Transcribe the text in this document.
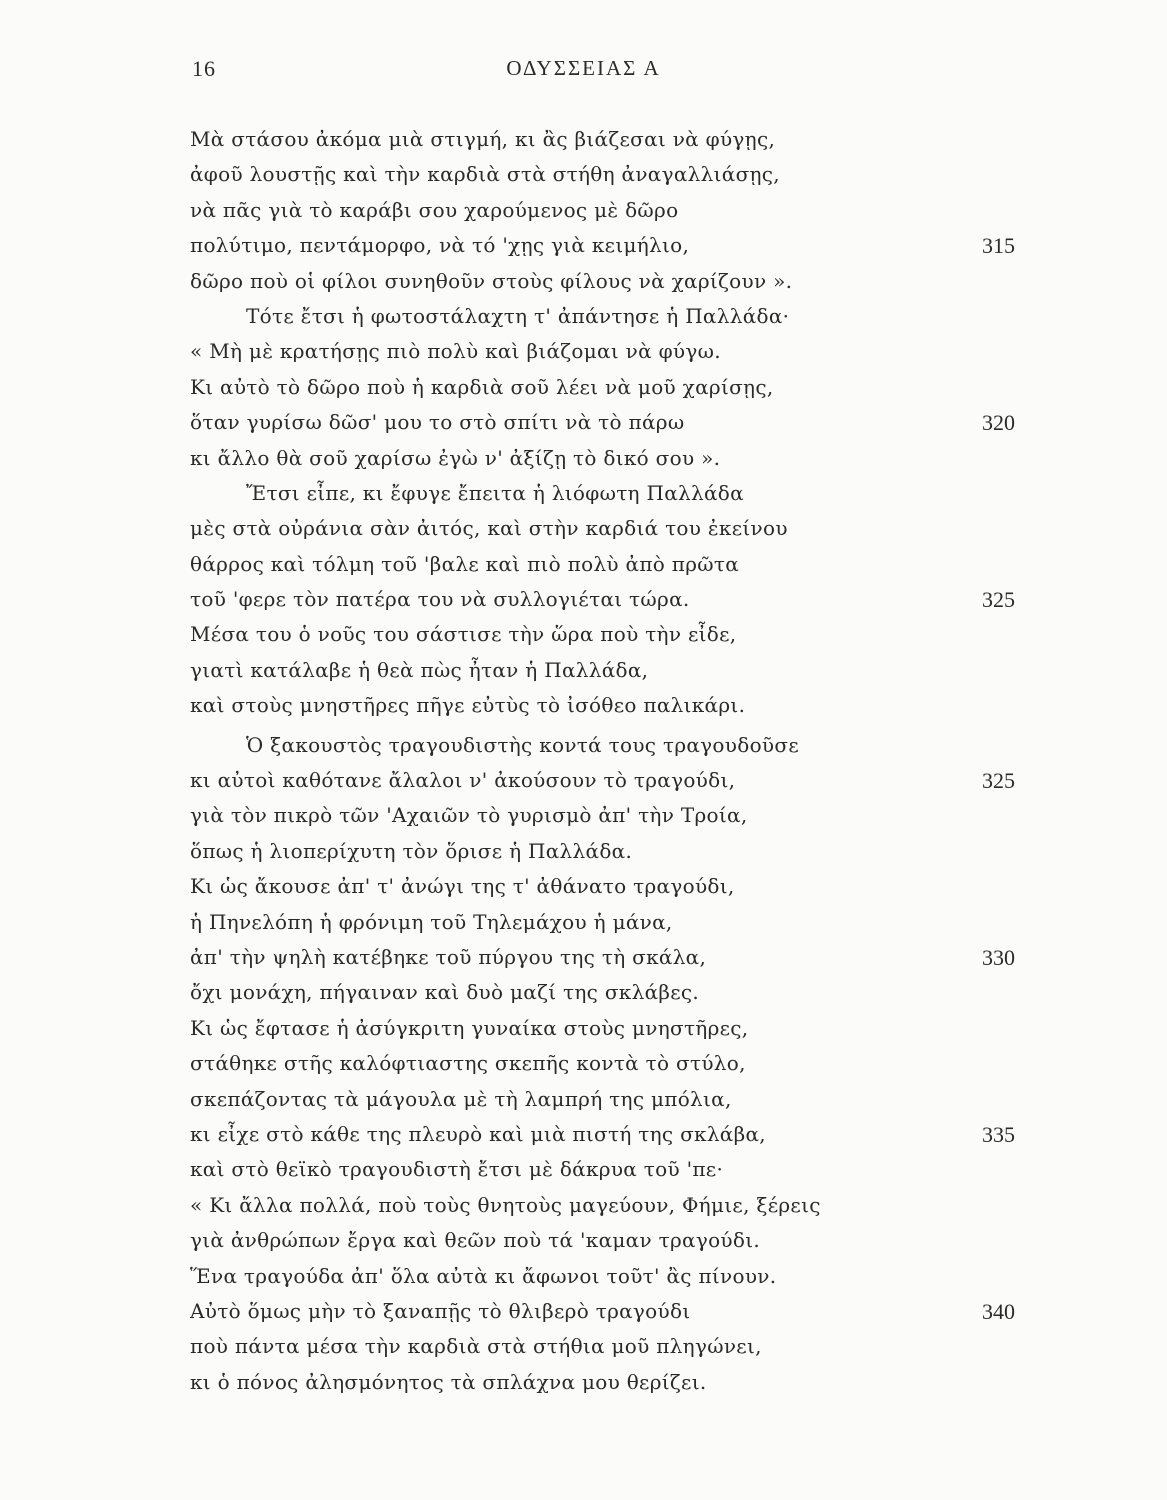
16	ΟΔΥΣΣΕΙΑΣ Α
Μὰ στάσου ἀκόμα μιὰ στιγμή, κι ἂς βιάζεσαι νὰ φύγῃς,
ἀφοῦ λουστῇς καὶ τὴν καρδιὰ στὰ στήθη ἀναγαλλιάσῃς,
νὰ πᾶς γιὰ τὸ καράβι σου χαρούμενος μὲ δῶρο
πολύτιμο, πεντάμορφο, νὰ τό 'χῃς γιὰ κειμήλιο,	315
δῶρο ποὺ οἱ φίλοι συνηθοῦν στοὺς φίλους νὰ χαρίζουν ».
Τότε ἔτσι ἡ φωτοστάλαχτη τ' ἀπάντησε ἡ Παλλάδα·
« Μὴ μὲ κρατήσῃς πιὸ πολὺ καὶ βιάζομαι νὰ φύγω.
Κι αὐτὸ τὸ δῶρο ποὺ ἡ καρδιὰ σοῦ λέει νὰ μοῦ χαρίσῃς,
ὅταν γυρίσω δῶσ' μου το στὸ σπίτι νὰ τὸ πάρω	320
κι ἄλλο θὰ σοῦ χαρίσω ἐγὼ ν' ἀξίζῃ τὸ δικό σου ».
Ἔτσι εἶπε, κι ἔφυγε ἔπειτα ἡ λιόφωτη Παλλάδα
μὲς στὰ οὐράνια σὰν ἀιτός, καὶ στὴν καρδιά του ἐκείνου
θάρρος καὶ τόλμη τοῦ 'βαλε καὶ πιὸ πολὺ ἀπὸ πρῶτα
τοῦ 'φερε τὸν πατέρα του νὰ συλλογιέται τώρα.	325
Μέσα του ὁ νοῦς του σάστισε τὴν ὥρα ποὺ τὴν εἶδε,
γιατὶ κατάλαβε ἡ θεὰ πὼς ἦταν ἡ Παλλάδα,
καὶ στοὺς μνηστῆρες πῆγε εὐτὺς τὸ ἰσόθεο παλικάρι.
Ὁ ξακουστὸς τραγουδιστὴς κοντά τους τραγουδοῦσε
κι αὐτοὶ καθότανε ἄλαλοι ν' ἀκούσουν τὸ τραγούδι,	325
γιὰ τὸν πικρὸ τῶν 'Αχαιῶν τὸ γυρισμὸ ἀπ' τὴν Τροία,
ὅπως ἡ λιοπερίχυτη τὸν ὅρισε ἡ Παλλάδα.
Κι ὡς ἄκουσε ἀπ' τ' ἀνώγι της τ' ἀθάνατο τραγούδι,
ἡ Πηνελόπη ἡ φρόνιμη τοῦ Τηλεμάχου ἡ μάνα,
ἀπ' τὴν ψηλὴ κατέβηκε τοῦ πύργου της τὴ σκάλα,	330
ὄχι μονάχη, πήγαιναν καὶ δυὸ μαζί της σκλάβες.
Κι ὡς ἔφτασε ἡ ἀσύγκριτη γυναίκα στοὺς μνηστῆρες,
στάθηκε στῆς καλόφτιαστης σκεπῆς κοντὰ τὸ στύλο,
σκεπάζοντας τὰ μάγουλα μὲ τὴ λαμπρή της μπόλια,
κι εἶχε στὸ κάθε της πλευρὸ καὶ μιὰ πιστή της σκλάβα,	335
καὶ στὸ θεϊκὸ τραγουδιστὴ ἔτσι μὲ δάκρυα τοῦ 'πε·
« Κι ἄλλα πολλά, ποὺ τοὺς θνητοὺς μαγεύουν, Φήμιε, ξέρεις
γιὰ ἀνθρώπων ἔργα καὶ θεῶν ποὺ τά 'καμαν τραγούδι.
Ἕνα τραγούδα ἀπ' ὅλα αὐτὰ κι ἄφωνοι τοῦτ' ἂς πίνουν.
Αὐτὸ ὅμως μὴν τὸ ξαναπῇς τὸ θλιβερὸ τραγούδι	340
ποὺ πάντα μέσα τὴν καρδιὰ στὰ στήθια μοῦ πληγώνει,
κι ὁ πόνος ἀλησμόνητος τὰ σπλάχνα μου θερίζει.
